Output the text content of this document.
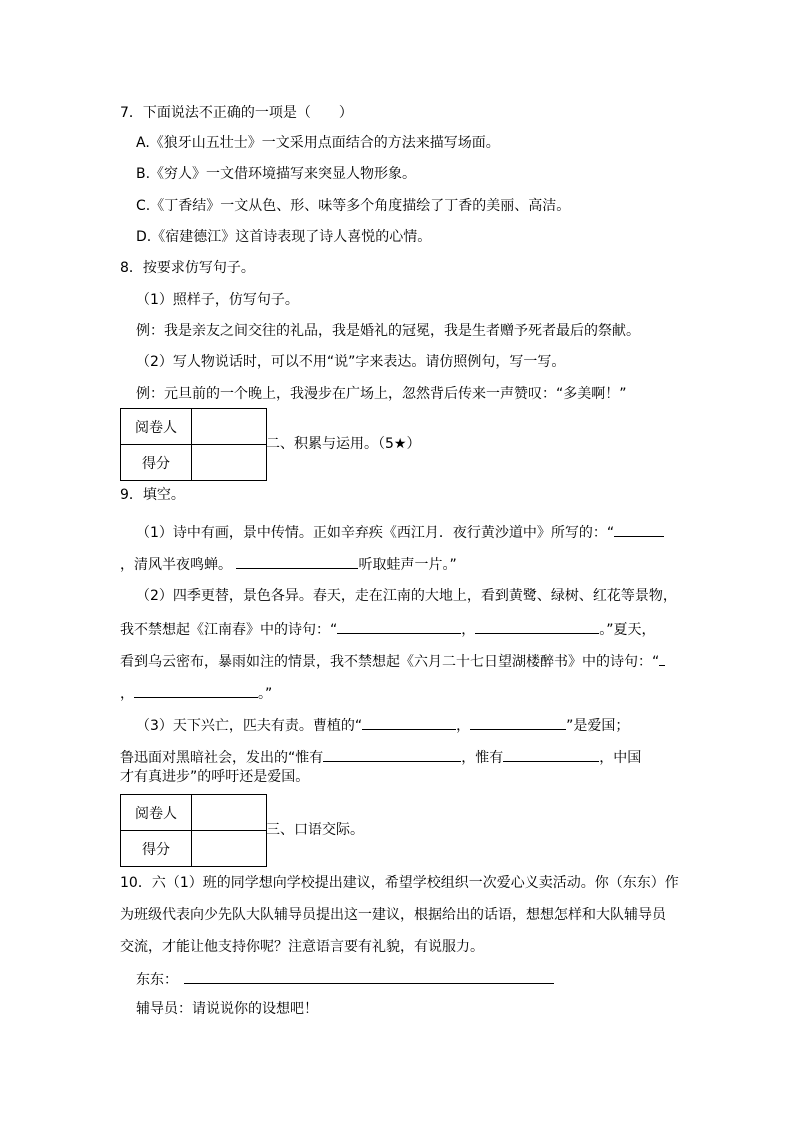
7．下面说法不正确的一项是（　　）
A.《狼牙山五壮士》一文采用点面结合的方法来描写场面。
B.《穷人》一文借环境描写来突显人物形象。
C.《丁香结》一文从色、形、味等多个角度描绘了丁香的美丽、高洁。
D.《宿建德江》这首诗表现了诗人喜悦的心情。
8．按要求仿写句子。
（1）照样子，仿写句子。
例：我是亲友之间交往的礼品，我是婚礼的冠冕，我是生者赠予死者最后的祭献。
（2）写人物说话时，可以不用“说”字来表达。请仿照例句，写一写。
例：元旦前的一个晚上，我漫步在广场上，忽然背后传来一声赞叹：“多美啊！”
阅卷人	
得分	
二、积累与运用。（5★）
9．填空。
（1）诗中有画，景中传情。正如辛弃疾《西江月．夜行黄沙道中》所写的：“
，清风半夜鸣蝉。	听取蛙声一片。”
（2）四季更替，景色各异。春天，走在江南的大地上，看到黄鹭、绿树、红花等景物，
我不禁想起《江南春》中的诗句：“	，	。”夏天，
看到乌云密布，暴雨如注的情景，我不禁想起《六月二十七日望湖楼醉书》中的诗句：“
，	。”
（3）天下兴亡，匹夫有责。曹植的“	，	”是爱国；
鲁迅面对黑暗社会，发出的“惟有	，惟有	，中国
才有真进步”的呼吁还是爱国。
阅卷人	
得分	
三、口语交际。
10．六（1）班的同学想向学校提出建议，希望学校组织一次爱心义卖活动。你（东东）作
为班级代表向少先队大队辅导员提出这一建议，根据给出的话语，想想怎样和大队辅导员
交流，才能让他支持你呢？注意语言要有礼貌，有说服力。
东东：
辅导员：请说说你的设想吧！
